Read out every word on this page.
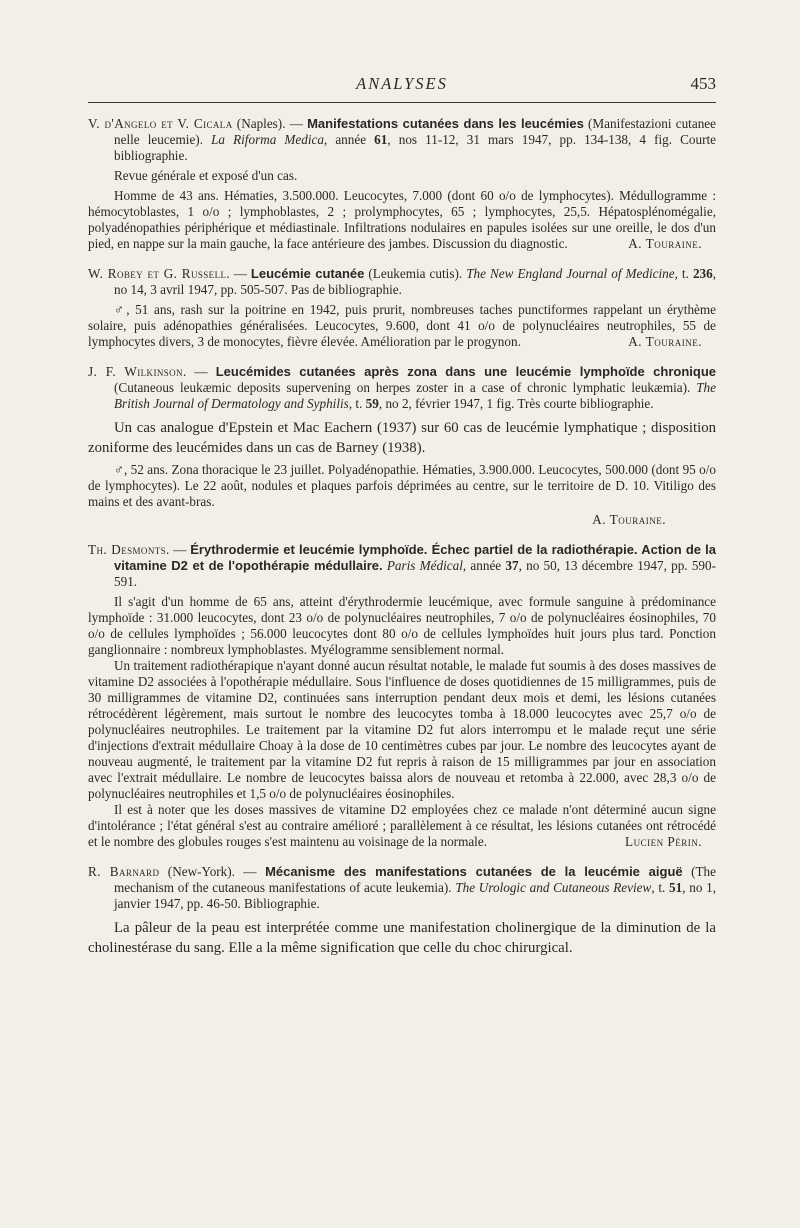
ANALYSES	453

V. d'Angelo et V. Cicala (Naples). — Manifestations cutanées dans les leucémies (Manifestazioni cutanee nelle leucemie). La Riforma Medica, année 61, nos 11-12, 31 mars 1947, pp. 134-138, 4 fig. Courte bibliographie.

Revue générale et exposé d'un cas.

Homme de 43 ans. Hématies, 3.500.000. Leucocytes, 7.000 (dont 60 o/o de lymphocytes). Médullogramme : hémocytoblastes, 1 o/o ; lymphoblastes, 2 ; prolymphocytes, 65 ; lymphocytes, 25,5. Hépatosplénomégalie, polyadénopathies périphérique et médiastinale. Infiltrations nodulaires en papules isolées sur une oreille, le dos d'un pied, en nappe sur la main gauche, la face antérieure des jambes. Discussion du diagnostic.	A. Touraine.

W. Robey et G. Russell. — Leucémie cutanée (Leukemia cutis). The New England Journal of Medicine, t. 236, no 14, 3 avril 1947, pp. 505-507. Pas de bibliographie.

♂, 51 ans, rash sur la poitrine en 1942, puis prurit, nombreuses taches punctiformes rappelant un érythème solaire, puis adénopathies généralisées. Leucocytes, 9.600, dont 41 o/o de polynucléaires neutrophiles, 55 de lymphocytes divers, 3 de monocytes, fièvre élevée. Amélioration par le progynon.	A. Touraine.

J. F. Wilkinson. — Leucémides cutanées après zona dans une leucémie lymphoïde chronique (Cutaneous leukæmic deposits supervening on herpes zoster in a case of chronic lymphatic leukæmia). The British Journal of Dermatology and Syphilis, t. 59, no 2, février 1947, 1 fig. Très courte bibliographie.

Un cas analogue d'Epstein et Mac Eachern (1937) sur 60 cas de leucémie lymphatique ; disposition zoniforme des leucémides dans un cas de Barney (1938).

♂, 52 ans. Zona thoracique le 23 juillet. Polyadénopathie. Hématies, 3.900.000. Leucocytes, 500.000 (dont 95 o/o de lymphocytes). Le 22 août, nodules et plaques parfois déprimées au centre, sur le territoire de D. 10. Vitiligo des mains et des avant-bras.

A. Touraine.

Th. Desmonts. — Érythrodermie et leucémie lymphoïde. Échec partiel de la radiothérapie. Action de la vitamine D2 et de l'opothérapie médullaire. Paris Médical, année 37, no 50, 13 décembre 1947, pp. 590-591.

Il s'agit d'un homme de 65 ans, atteint d'érythrodermie leucémique, avec formule sanguine à prédominance lymphoïde : 31.000 leucocytes, dont 23 o/o de polynucléaires neutrophiles, 7 o/o de polynucléaires éosinophiles, 70 o/o de cellules lymphoïdes ; 56.000 leucocytes dont 80 o/o de cellules lymphoïdes huit jours plus tard. Ponction ganglionnaire : nombreux lymphoblastes. Myélogramme sensiblement normal.

Un traitement radiothérapique n'ayant donné aucun résultat notable, le malade fut soumis à des doses massives de vitamine D2 associées à l'opothérapie médullaire. Sous l'influence de doses quotidiennes de 15 milligrammes, puis de 30 milligrammes de vitamine D2, continuées sans interruption pendant deux mois et demi, les lésions cutanées rétrocédèrent légèrement, mais surtout le nombre des leucocytes tomba à 18.000 leucocytes avec 25,7 o/o de polynucléaires neutrophiles. Le traitement par la vitamine D2 fut alors interrompu et le malade reçut une série d'injections d'extrait médullaire Choay à la dose de 10 centimètres cubes par jour. Le nombre des leucocytes ayant de nouveau augmenté, le traitement par la vitamine D2 fut repris à raison de 15 milligrammes par jour en association avec l'extrait médullaire. Le nombre de leucocytes baissa alors de nouveau et retomba à 22.000, avec 28,3 o/o de polynucléaires neutrophiles et 1,5 o/o de polynucléaires éosinophiles.

Il est à noter que les doses massives de vitamine D2 employées chez ce malade n'ont déterminé aucun signe d'intolérance ; l'état général s'est au contraire amélioré ; parallèlement à ce résultat, les lésions cutanées ont rétrocédé et le nombre des globules rouges s'est maintenu au voisinage de la normale.	Lucien Périn.

R. Barnard (New-York). — Mécanisme des manifestations cutanées de la leucémie aiguë (The mechanism of the cutaneous manifestations of acute leukemia). The Urologic and Cutaneous Review, t. 51, no 1, janvier 1947, pp. 46-50. Bibliographie.

La pâleur de la peau est interprétée comme une manifestation cholinergique de la diminution de la cholinestérase du sang. Elle a la même signification que celle du choc chirurgical.
